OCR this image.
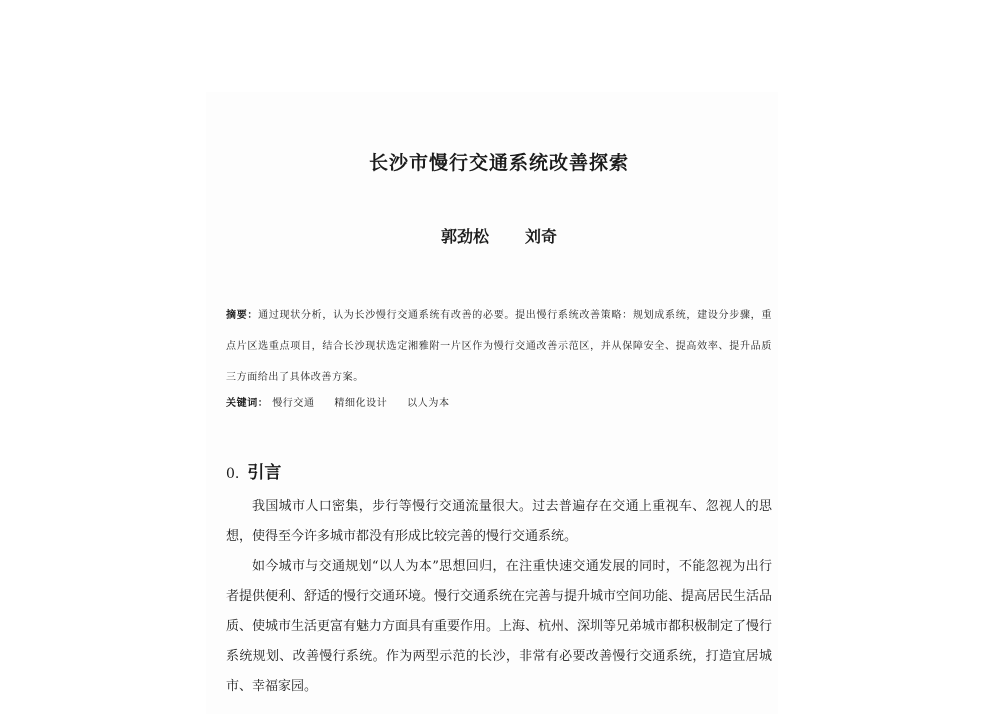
长沙市慢行交通系统改善探索
郭劲松 刘奇
摘要：通过现状分析，认为长沙慢行交通系统有改善的必要。提出慢行系统改善策略：规划成系统，建设分步骤，重点片区选重点项目，结合长沙现状选定湘雅附一片区作为慢行交通改善示范区，并从保障安全、提高效率、提升品质三方面给出了具体改善方案。
关键词： 慢行交通 精细化设计 以人为本
0. 引言

我国城市人口密集，步行等慢行交通流量很大。过去普遍存在交通上重视车、忽视人的思想，使得至今许多城市都没有形成比较完善的慢行交通系统。

如今城市与交通规划“以人为本”思想回归，在注重快速交通发展的同时，不能忽视为出行者提供便利、舒适的慢行交通环境。慢行交通系统在完善与提升城市空间功能、提高居民生活品质、使城市生活更富有魅力方面具有重要作用。上海、杭州、深圳等兄弟城市都积极制定了慢行系统规划、改善慢行系统。作为两型示范的长沙，非常有必要改善慢行交通系统，打造宜居城市、幸福家园。
